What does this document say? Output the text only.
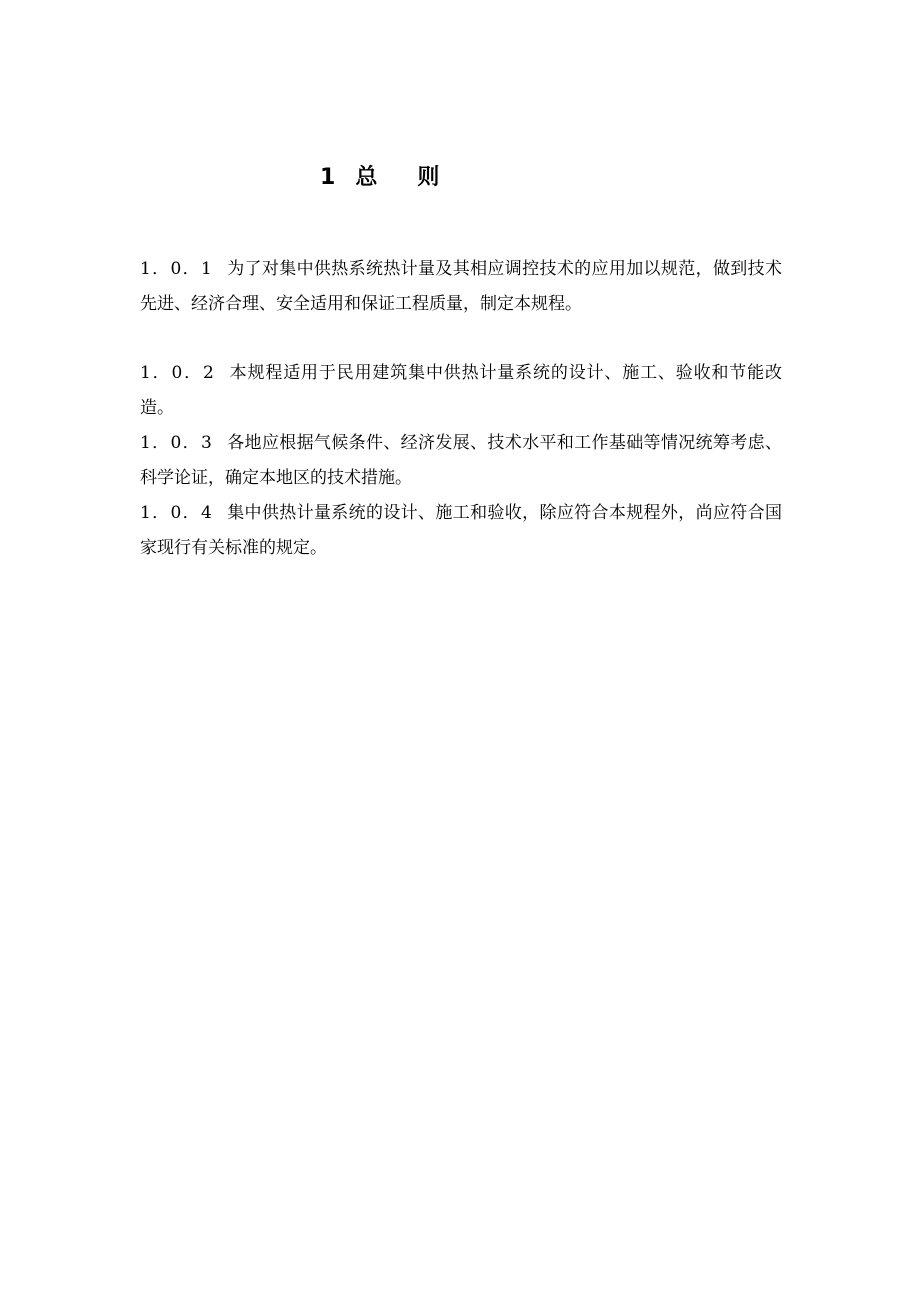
1 总 则

1．0．1 为了对集中供热系统热计量及其相应调控技术的应用加以规范，做到技术先进、经济合理、安全适用和保证工程质量，制定本规程。

1．0．2 本规程适用于民用建筑集中供热计量系统的设计、施工、验收和节能改造。

1．0．3 各地应根据气候条件、经济发展、技术水平和工作基础等情况统筹考虑、科学论证，确定本地区的技术措施。

1．0．4 集中供热计量系统的设计、施工和验收，除应符合本规程外，尚应符合国家现行有关标准的规定。
